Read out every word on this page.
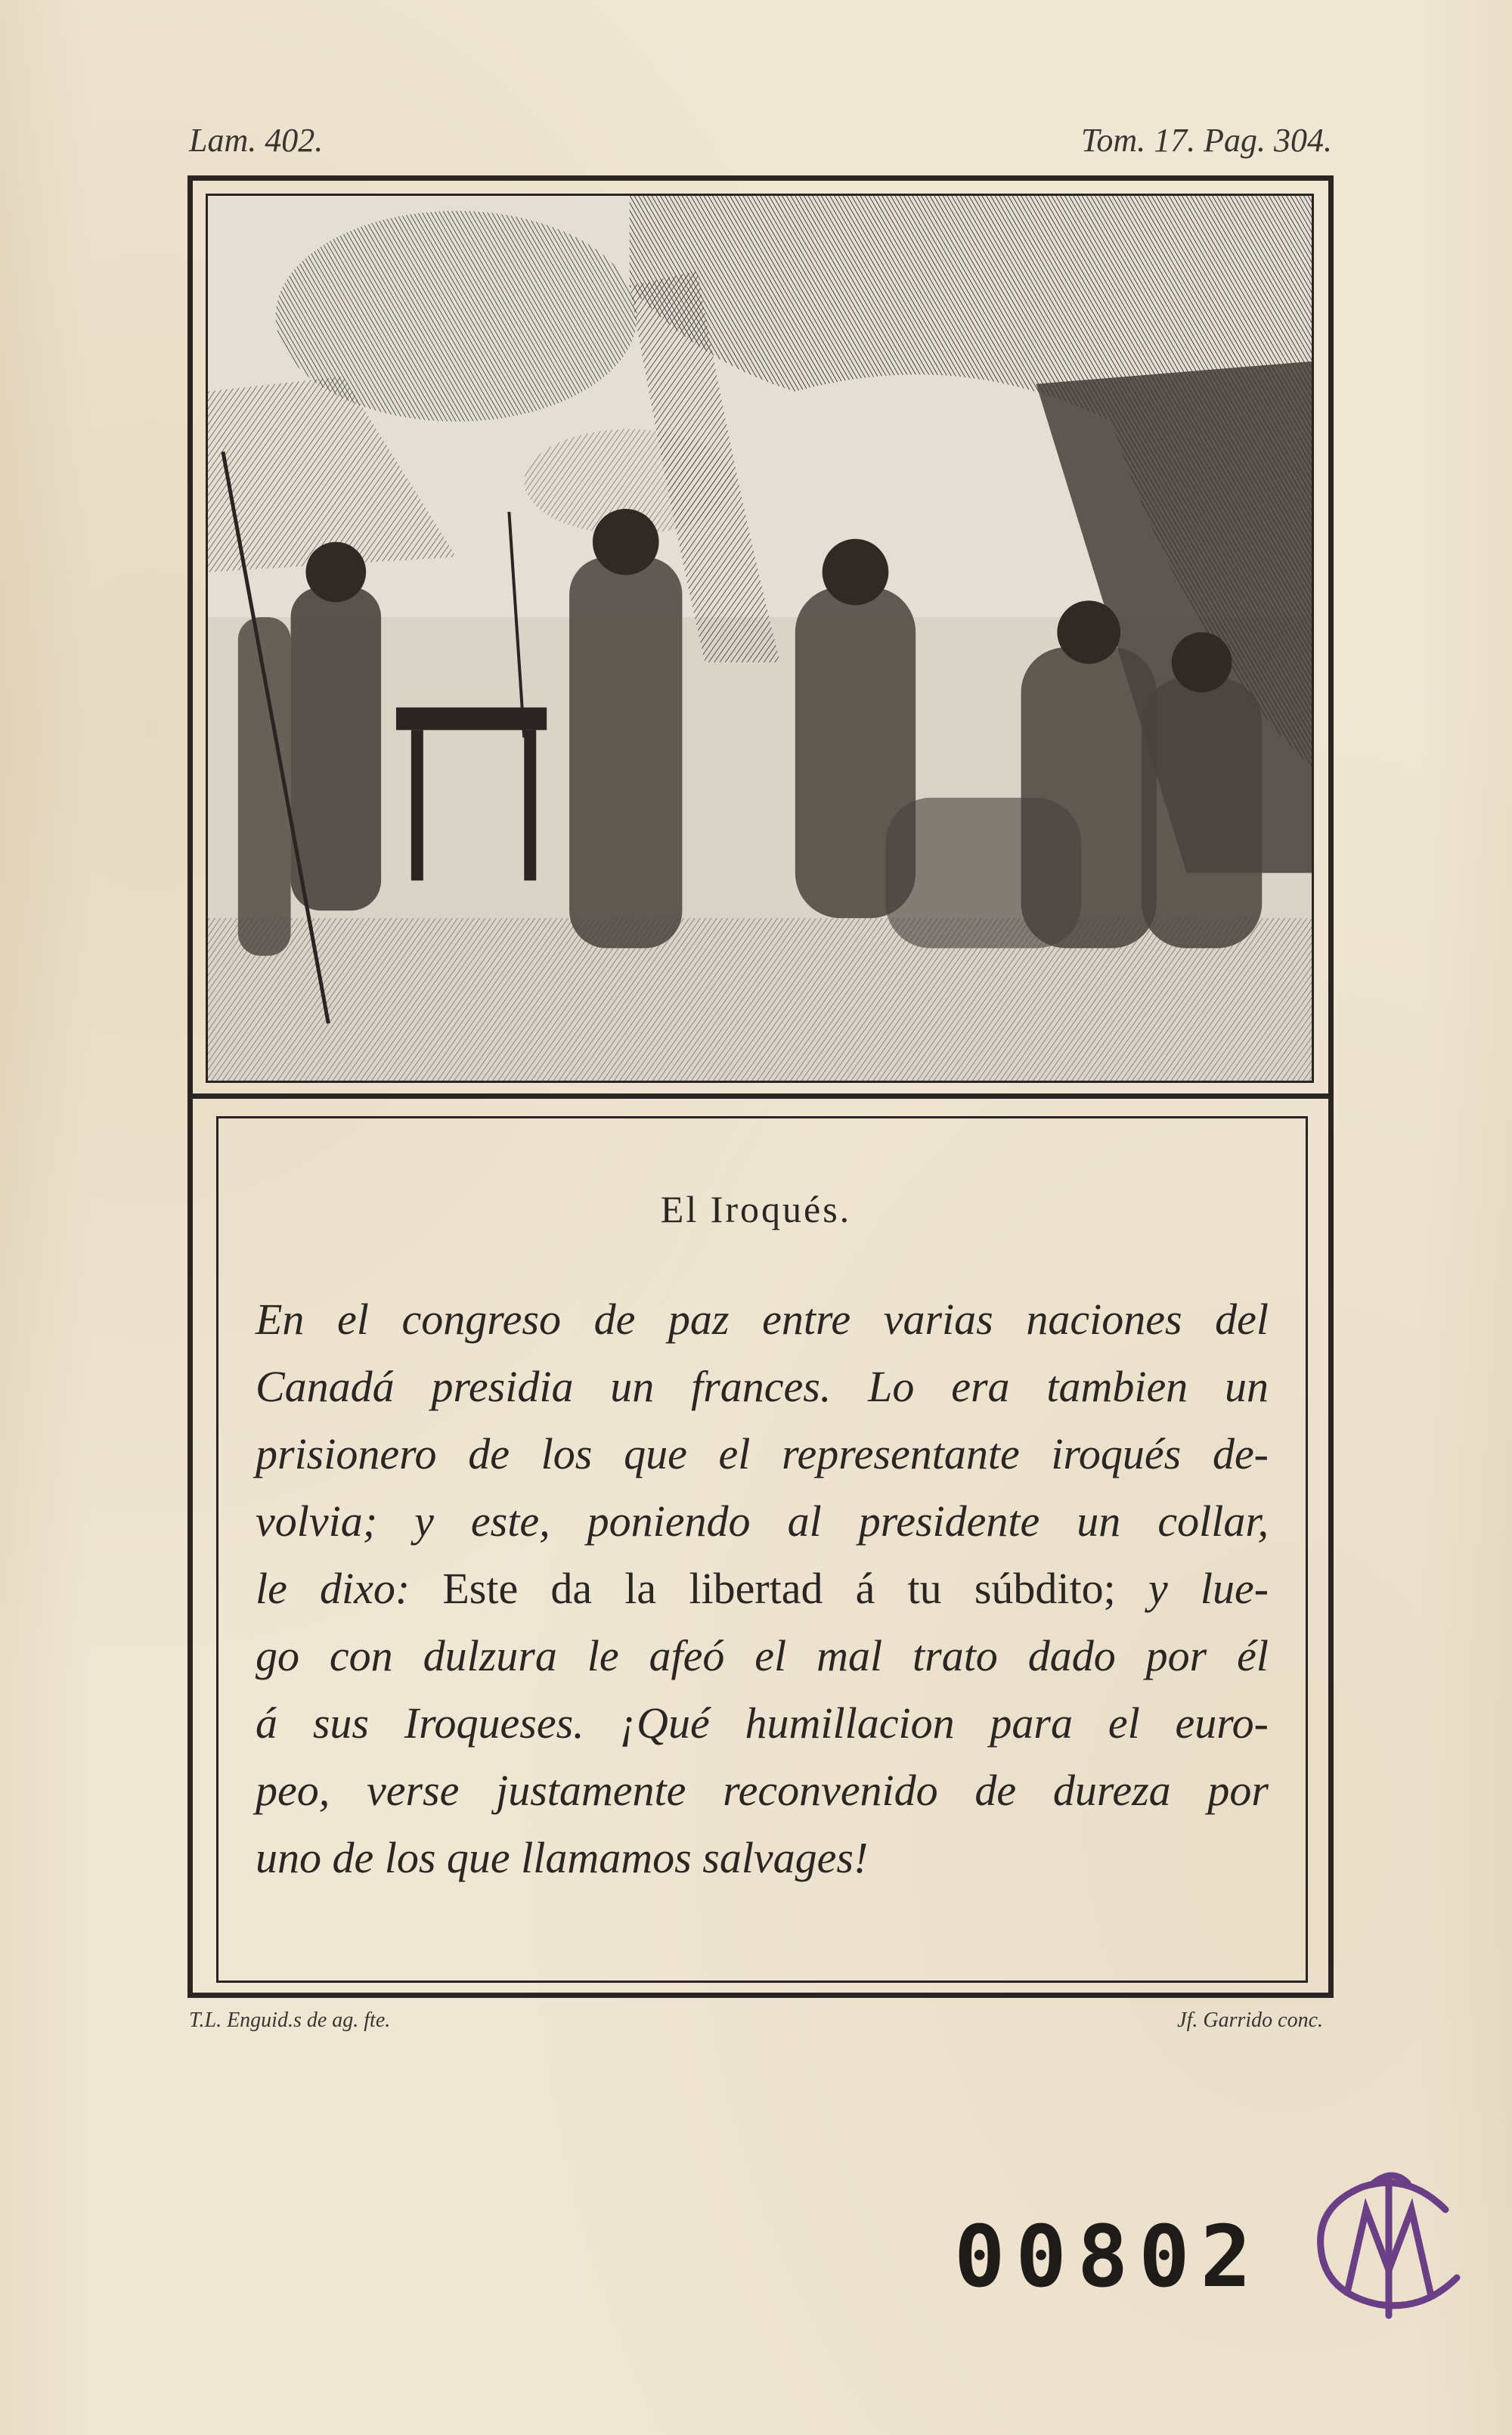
Lam. 402.	Tom. 17. Pag. 304.
El Iroqués.
En el congreso de paz entre varias naciones del
Canadá presidia un frances. Lo era tambien un
prisionero de los que el representante iroqués de-
volvia; y este, poniendo al presidente un collar,
le dixo: Este da la libertad á tu súbdito; y lue-
go con dulzura le afeó el mal trato dado por él
á sus Iroqueses. ¡Qué humillacion para el euro-
peo, verse justamente reconvenido de dureza por
uno de los que llamamos salvages!
T.L. Enguid.s de ag. fte.	Jf. Garrido conc.
00802
